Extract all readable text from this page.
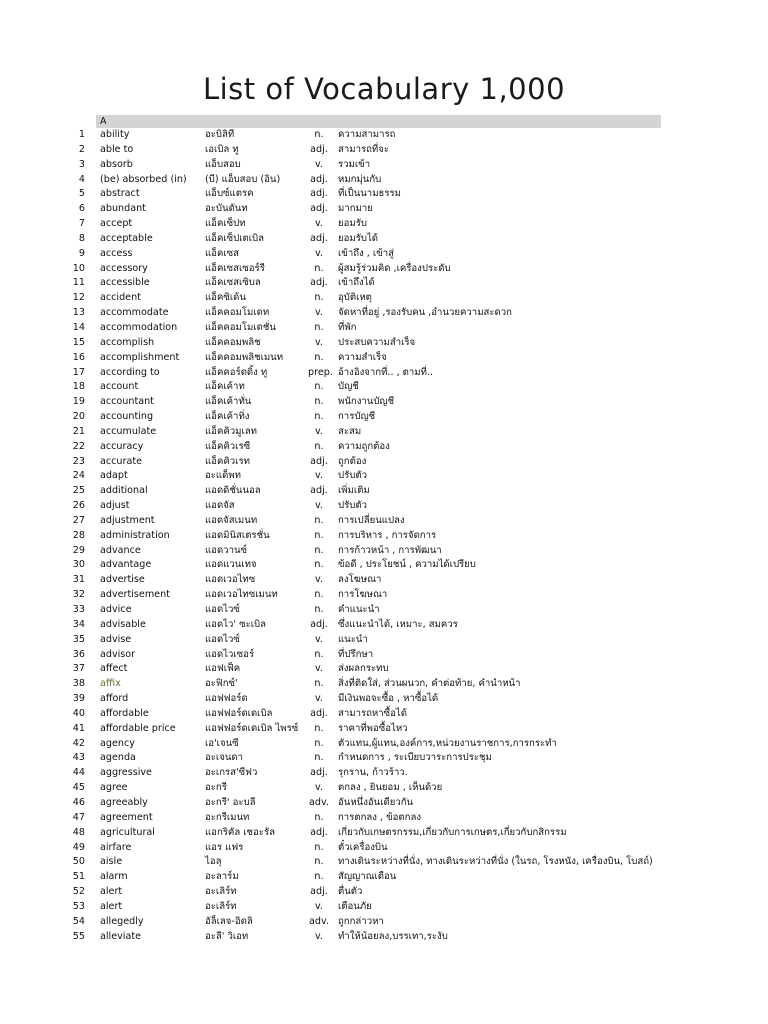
List of Vocabulary 1,000
A
1 ability	อะบิลิที	n.	ความสามารถ
2 able to	เอเบิล ทู	adj. สามารถที่จะ
3 absorb	แอ็บสอบ	v.	รวมเข้า
4 (be) absorbed (in) (บี) แอ็บสอบ (อิน)	adj. หมกมุ่นกับ
5 abstract	แอ็บซ์แตรค	adj. ที่เป็นนามธรรม
6 abundant	อะบันดันท	adj. มากมาย
7 accept	แอ็คเซ็ปท	v.	ยอมรับ
8 acceptable	แอ็คเซ็ปเตเบิล	adj. ยอมรับได้
9 access	แอ็คเซส	v.	เข้าถึง , เข้าสู่
10 accessory	แอ็คเซสเซอร์รี	n.	ผู้สมรู้ร่วมคิด ,เครื่องประดับ
11 accessible	แอ็คเซสเซิบล	adj. เข้าถึงได้
12 accident	แอ็คซิเด้น	n.	อุบัติเหตุ
13 accommodate	แอ็คคอมโมเดท	v.	จัดหาที่อยู่ ,รองรับคน ,อำนวยความสะดวก
14 accommodation	แอ็คคอมโมเดชั่น	n.	ที่พัก
15 accomplish	แอ็คคอมพลิช	v.	ประสบความสำเร็จ
16 accomplishment	แอ็คคอมพลิชเมนท	n.	ความสำเร็จ
17 according to	แอ็คคอร์ดดิ้ง ทู	prep. อ้างอิงจากที่.. , ตามที่..
18 account	แอ็คเค้าท	n.	บัญชี
19 accountant	แอ็คเค้าทั่น	n.	พนักงานบัญชี
20 accounting	แอ็คเค้าทิ่ง	n.	การบัญชี
21 accumulate	แอ็คคิวมูเลท	v.	สะสม
22 accuracy	แอ็คคิวเรซี	n.	ความถูกต้อง
23 accurate	แอ็คคิวเรท	adj. ถูกต้อง
24 adapt	อะแด็พท	v.	ปรับตัว
25 additional	แอดดิชั่นนอล	adj. เพิ่มเติม
26 adjust	แอดจัส	v.	ปรับตัว
27 adjustment	แอดจัสเมนท	n.	การเปลี่ยนแปลง
28 administration	แอดมินิสเตรชั่น	n.	การบริหาร , การจัดการ
29 advance	แอดวานซ์	n.	การก้าวหน้า , การพัฒนา
30 advantage	แอดแวนเทจ	n.	ข้อดี , ประโยชน์ , ความได้เปรียบ
31 advertise	แอดเวอไทซ	v.	ลงโฆษณา
32 advertisement	แอดเวอไทซเมนท	n.	การโฆษณา
33 advice	แอดไวซ์	n.	คำแนะนำ
34 advisable	แอดไว' ซะเบิล	adj. ซึ่งแนะนำได้, เหมาะ, สมควร
35 advise	แอดไวซ์	v.	แนะนำ
36 advisor	แอดไวเซอร์	n.	ที่ปรึกษา
37 affect	แอฟเฟ็ค	v.	ส่งผลกระทบ
38 affix	อะฟิกซ์'	n.	สิ่งที่ติดใส่, ส่วนผนวก, คำต่อท้าย, คำนำหน้า
39 afford	แอฟฟอร์ด	v.	มีเงินพอจะซื้อ , หาซื้อได้
40 affordable	แอฟฟอร์ดเดเบิล	adj. สามารถหาซื้อได้
41 affordable price	แอฟฟอร์ดเดเบิล ไพรซ์	n.	ราคาที่พอซื้อไหว
42 agency	เอ'เจนซี	n.	ตัวแทน,ผู้แทน,องค์การ,หน่วยงานราชการ,การกระทำ
43 agenda	อะเจนดา	n.	กำหนดการ , ระเบียบวาระการประชุม
44 aggressive	อะเกรส'ซีฟว	adj. รุกราน, ก้าวร้าว.
45 agree	อะกรี	v.	ตกลง , ยินยอม , เห็นด้วย
46 agreeably	อะกรี' อะบลี	adv. อันหนึ่งอันเดียวกัน
47 agreement	อะกรีเมนท	n.	การตกลง , ข้อตกลง
48 agricultural	แอกริคัล เชอะรัล	adj. เกี่ยวกับเกษตรกรรม,เกี่ยวกับการเกษตร,เกี่ยวกับกสิกรรม
49 airfare	แอร แฟร	n.	ตั๋วเครื่องบิน
50 aisle	ไอลุ	n.	ทางเดินระหว่างที่นั่ง, ทางเดินระหว่างที่นั่ง (ในรถ, โรงหนัง, เครื่องบิน, โบสถ์)
51 alarm	อะลาร์ม	n.	สัญญาณเตือน
52 alert	อะเลิร์ท	adj. ตื่นตัว
53 alert	อะเลิร์ท	v.	เตือนภัย
54 allegedly	อัล็เลจ-อิดลิ	adv. ถูกกล่าวหา
55 alleviate	อะลี' วิเอท	v.	ทำให้น้อยลง,บรรเทา,ระงับ
